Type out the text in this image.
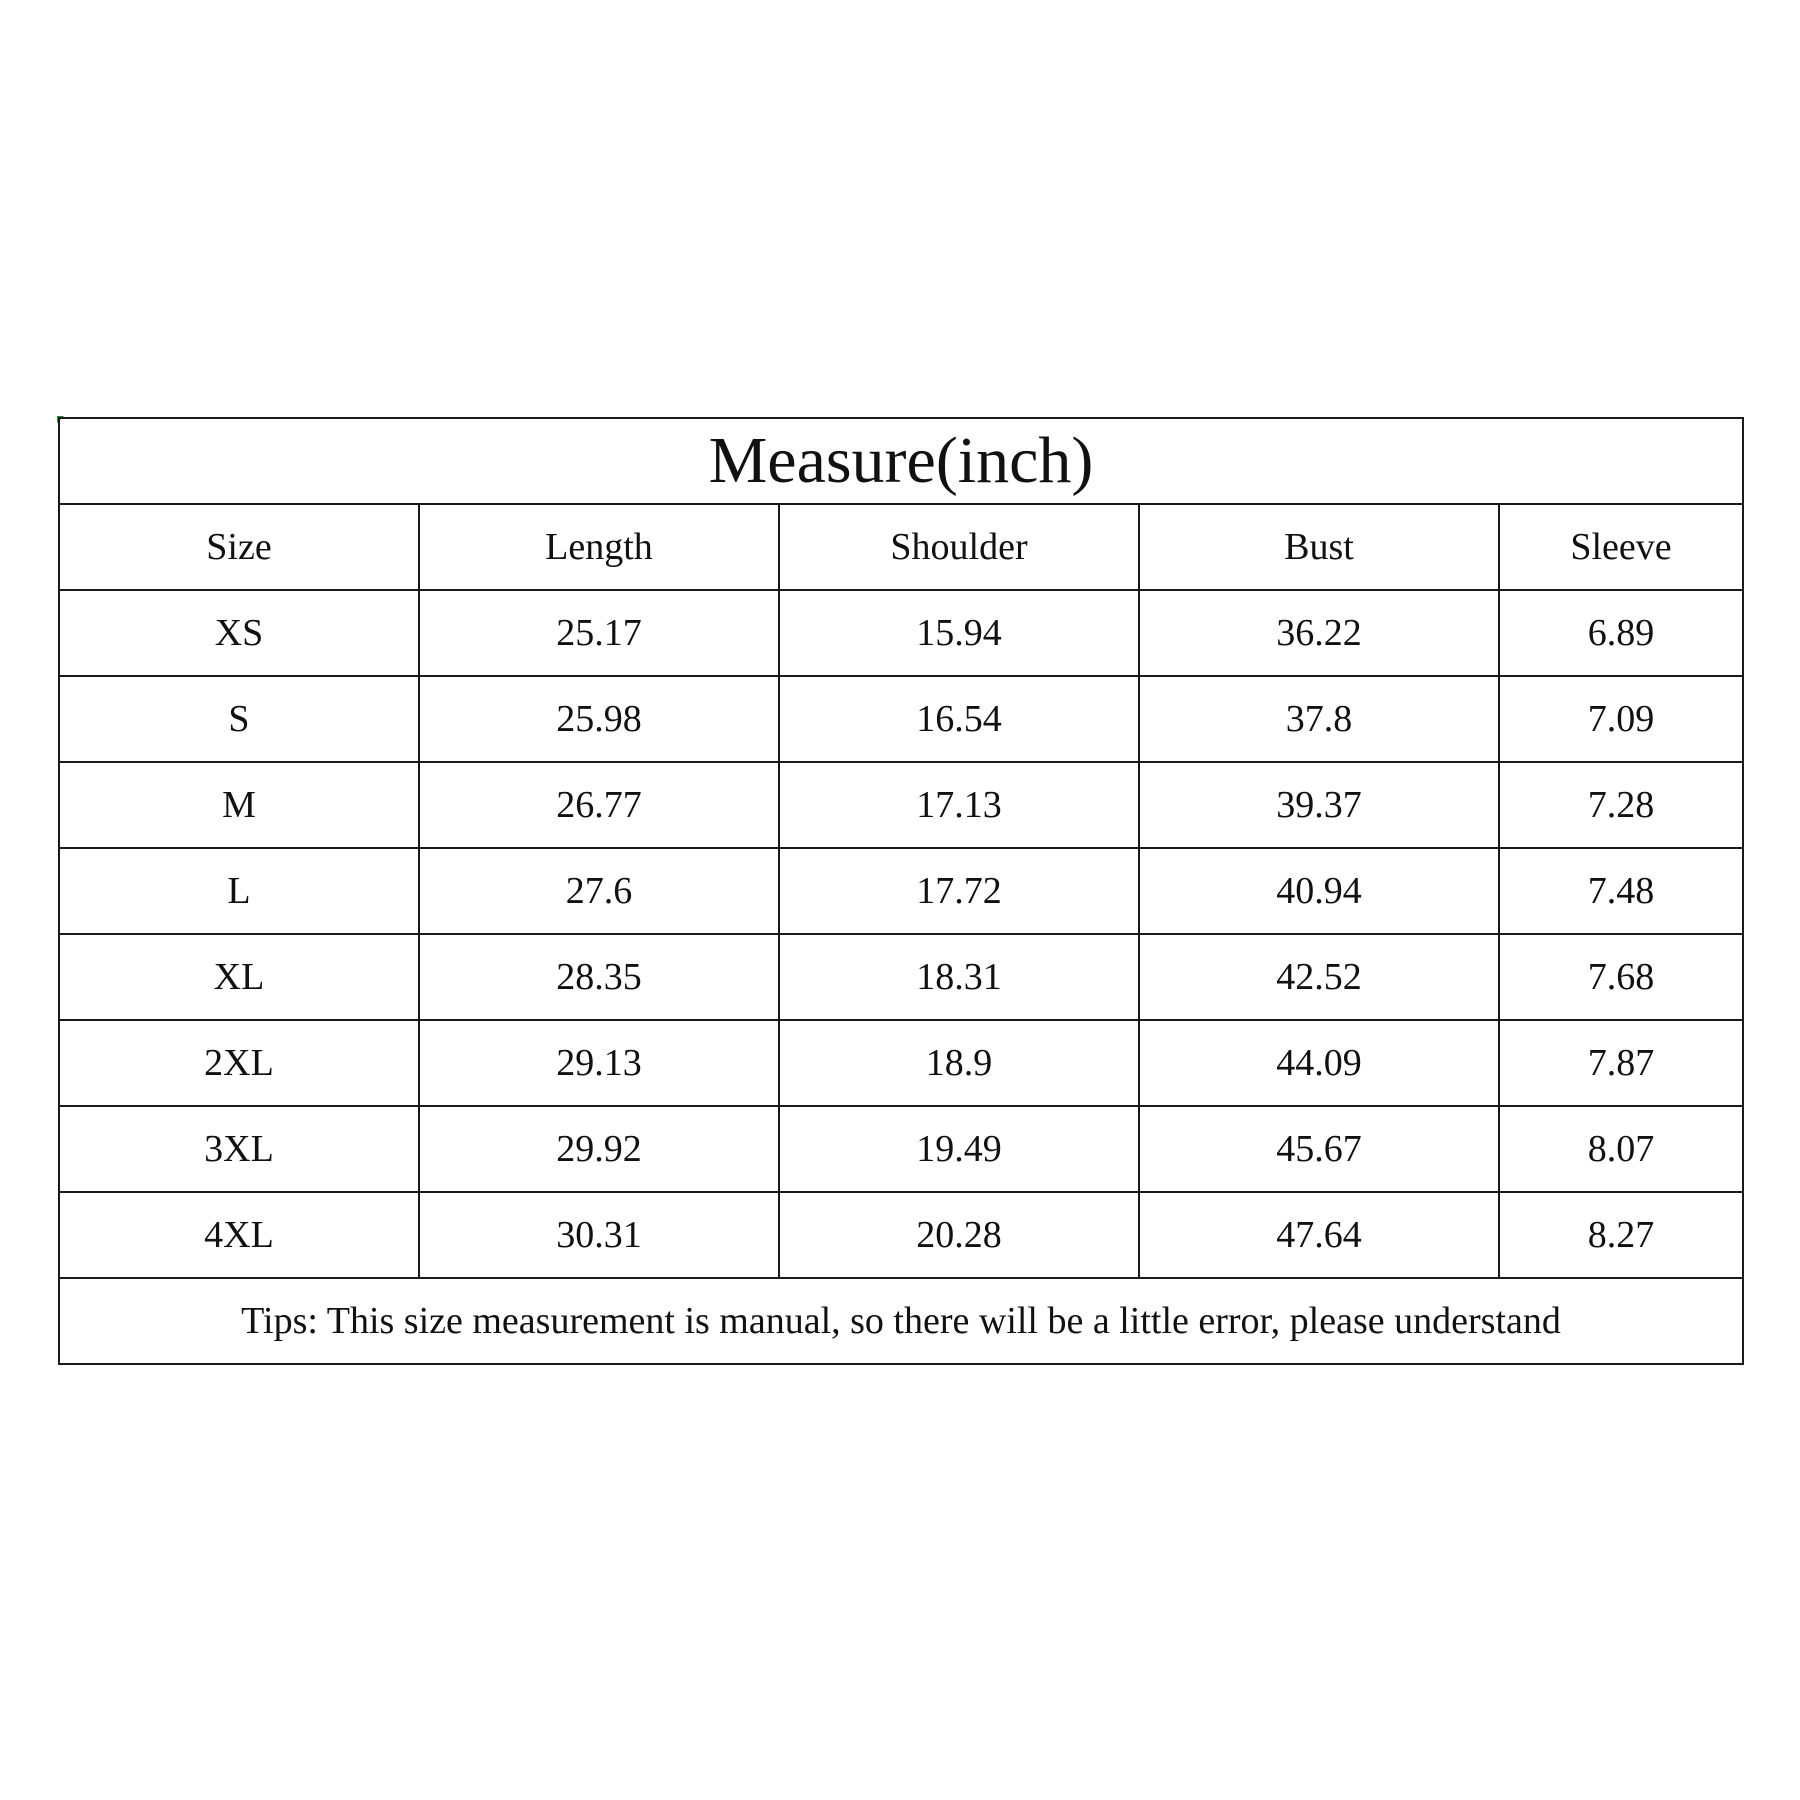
Measure(inch)				
Size	Length	Shoulder	Bust	Sleeve
XS	25.17	15.94	36.22	6.89
S	25.98	16.54	37.8	7.09
M	26.77	17.13	39.37	7.28
L	27.6	17.72	40.94	7.48
XL	28.35	18.31	42.52	7.68
2XL	29.13	18.9	44.09	7.87
3XL	29.92	19.49	45.67	8.07
4XL	30.31	20.28	47.64	8.27
Tips: This size measurement is manual, so there will be a little error, please understand				
